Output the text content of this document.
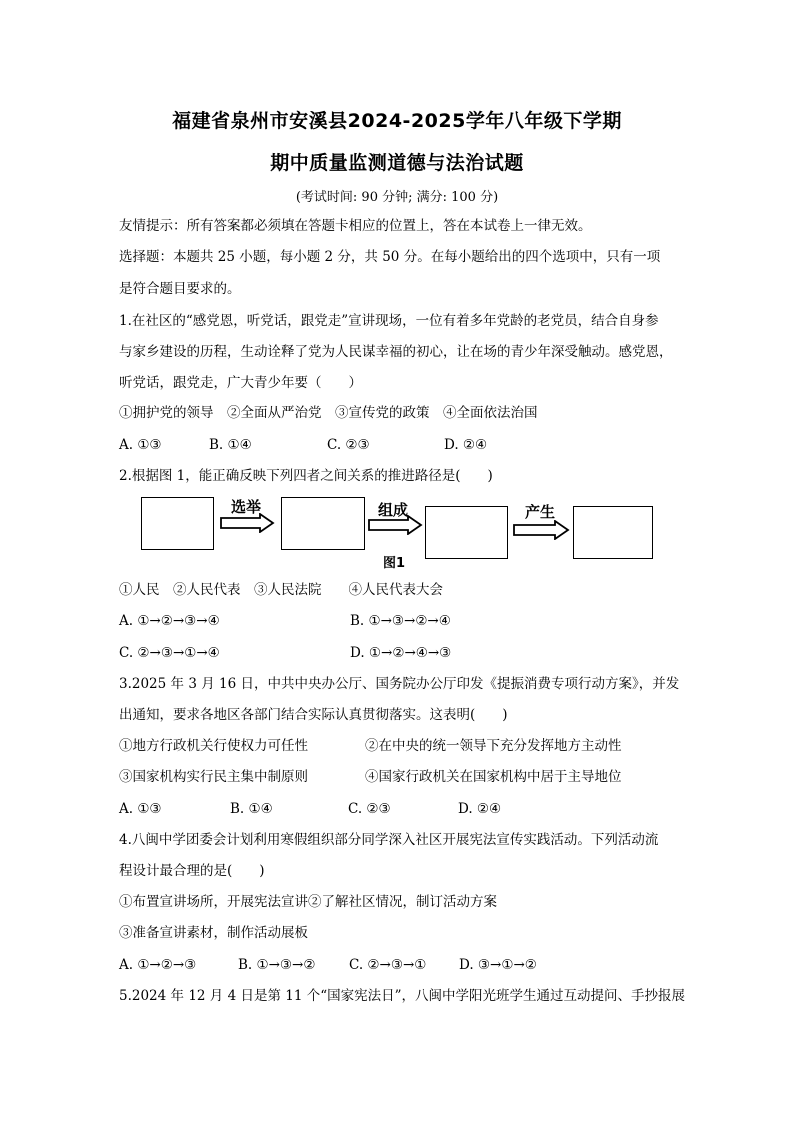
福建省泉州市安溪县2024-2025学年八年级下学期
期中质量监测道德与法治试题
(考试时间: 90 分钟; 满分: 100 分)
友情提示：所有答案都必须填在答题卡相应的位置上，答在本试卷上一律无效。
选择题：本题共 25 小题，每小题 2 分，共 50 分。在每小题给出的四个选项中，只有一项
是符合题目要求的。
1.在社区的“感党恩，听党话，跟党走”宣讲现场，一位有着多年党龄的老党员，结合自身参
与家乡建设的历程，生动诠释了党为人民谋幸福的初心，让在场的青少年深受触动。感党恩，
听党话，跟党走，广大青少年要（　　）
①拥护党的领导　②全面从严治党　③宣传党的政策　④全面依法治国
A. ①③	B. ①④	C. ②③	D. ②④
2.根据图 1，能正确反映下列四者之间关系的推进路径是(　　)
选举	组成	产生
图1
①人民　②人民代表　③人民法院　　④人民代表大会
A. ①→②→③→④	B. ①→③→②→④
C. ②→③→①→④	D. ①→②→④→③
3.2025 年 3 月 16 日，中共中央办公厅、国务院办公厅印发《提振消费专项行动方案》，并发
出通知，要求各地区各部门结合实际认真贯彻落实。这表明(　　)
①地方行政机关行使权力可任性	②在中央的统一领导下充分发挥地方主动性
③国家机构实行民主集中制原则	④国家行政机关在国家机构中居于主导地位
A. ①③	B. ①④	C. ②③	D. ②④
4.八闽中学团委会计划利用寒假组织部分同学深入社区开展宪法宣传实践活动。下列活动流
程设计最合理的是(　　)
①布置宣讲场所，开展宪法宣讲②了解社区情况，制订活动方案
③准备宣讲素材，制作活动展板
A. ①→②→③	B. ①→③→② C. ②→③→① D. ③→①→②
5.2024 年 12 月 4 日是第 11 个“国家宪法日”，八闽中学阳光班学生通过互动提问、手抄报展
